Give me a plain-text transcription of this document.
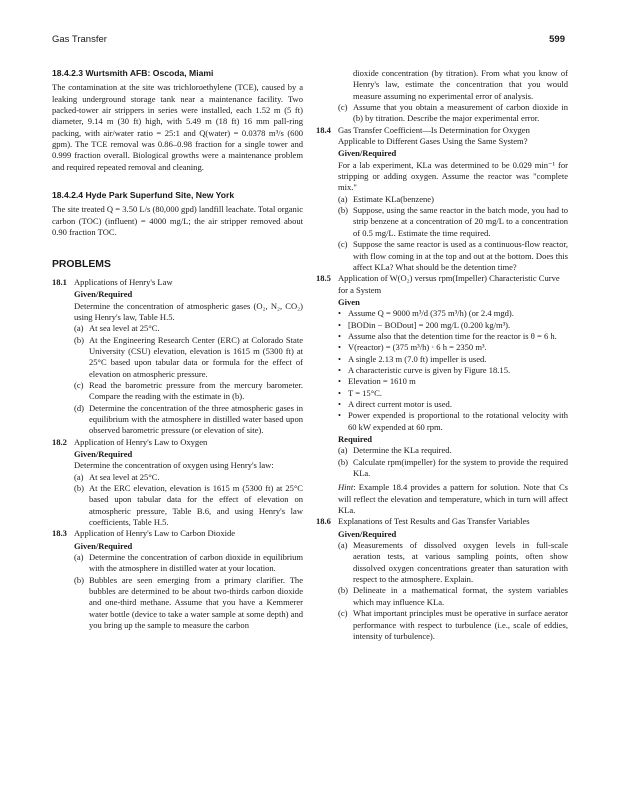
Gas Transfer	599
18.4.2.3 Wurtsmith AFB: Oscoda, Miami

The contamination at the site was trichloroethylene (TCE), caused by a leaking underground storage tank near a maintenance facility. Two packed-tower air strippers in series were installed, each 1.52 m (5 ft) diameter, 9.14 m (30 ft) high, with 5.49 m (18 ft) 16 mm pall-ring packing, with air/water ratio = 25:1 and Q(water) = 0.0378 m³/s (600 gpm). The TCE removal was 0.86–0.98 fraction for a single tower and 0.999 fraction overall. Biological growths were a maintenance problem and required repeated removal and cleaning.

18.4.2.4 Hyde Park Superfund Site, New York

The site treated Q = 3.50 L/s (80,000 gpd) landfill leachate. Total organic carbon (TOC) (influent) = 4000 mg/L; the air stripper removed about 0.90 fraction TOC.

PROBLEMS
18.1 Applications of Henry's Law
Given/Required

Determine the concentration of atmospheric gases (O₂, N₂, CO₂) using Henry's law, Table H.5.

(a) At sea level at 25°C.
(b) At the Engineering Research Center (ERC) at Colorado State University (CSU) elevation, elevation is 1615 m (5300 ft) at 25°C based upon tabular data or formula for the effect of elevation on atmospheric pressure.
(c) Read the barometric pressure from the mercury barometer. Compare the reading with the estimate in (b).
(d) Determine the concentration of the three atmospheric gases in equilibrium with the atmosphere in distilled water based upon observed barometric pressure (or elevation of site).
18.2 Application of Henry's Law to Oxygen
Given/Required

Determine the concentration of oxygen using Henry's law:

(a) At sea level at 25°C.
(b) At the ERC elevation, elevation is 1615 m (5300 ft) at 25°C based upon tabular data for the effect of elevation on atmospheric pressure, Table B.6, and using Henry's law coefficients, Table H.5.
18.3 Application of Henry's Law to Carbon Dioxide
Given/Required
(a) Determine the concentration of carbon dioxide in equilibrium with the atmosphere in distilled water at your location.
(b) Bubbles are seen emerging from a primary clarifier. The bubbles are determined to be about two-thirds carbon dioxide and one-third methane. Assume that you have a Kemmerer water bottle (device to take a water sample at some depth) and you bring up the sample to measure the carbon
dioxide concentration (by titration). From what you know of Henry's law, estimate the concentration that you would measure assuming no experimental error of analysis.
(c) Assume that you obtain a measurement of carbon dioxide in (b) by titration. Describe the major experimental error.
18.4 Gas Transfer Coefficient—Is Determination for Oxygen Applicable to Different Gases Using the Same System?
Given/Required

For a lab experiment, KLa was determined to be 0.029 min⁻¹ for stripping or adding oxygen. Assume the reactor was "complete mix."

(a) Estimate KLa(benzene)
(b) Suppose, using the same reactor in the batch mode, you had to strip benzene at a concentration of 20 mg/L to a concentration of 0.5 mg/L. Estimate the time required.
(c) Suppose the same reactor is used as a continuous-flow reactor, with flow coming in at the top and out at the bottom. Does this affect KLa? What should be the detention time?
18.5 Application of W(O₂) versus rpm(Impeller) Characteristic Curve for a System
Given
• Assume Q = 9000 m³/d (375 m³/h) (or 2.4 mgd).
• [BODin − BODout] = 200 mg/L (0.200 kg/m³).
• Assume also that the detention time for the reactor is θ = 6 h.
• V(reactor) = (375 m³/h) · 6 h = 2350 m³.
• A single 2.13 m (7.0 ft) impeller is used.
• A characteristic curve is given by Figure 18.15.
• Elevation = 1610 m
• T = 15°C.
• A direct current motor is used.
• Power expended is proportional to the rotational velocity with 60 kW expended at 60 rpm.
Required
(a) Determine the KLa required.
(b) Calculate rpm(impeller) for the system to provide the required KLa.
Hint: Example 18.4 provides a pattern for solution. Note that Cs will reflect the elevation and temperature, which in turn will affect KLa.
18.6 Explanations of Test Results and Gas Transfer Variables
Given/Required
(a) Measurements of dissolved oxygen levels in full-scale aeration tests, at various sampling points, often show dissolved oxygen concentrations greater than saturation with respect to the atmosphere. Explain.
(b) Delineate in a mathematical format, the system variables which may influence KLa.
(c) What important principles must be operative in surface aerator performance with respect to turbulence (i.e., scale of eddies, intensity of turbulence).
